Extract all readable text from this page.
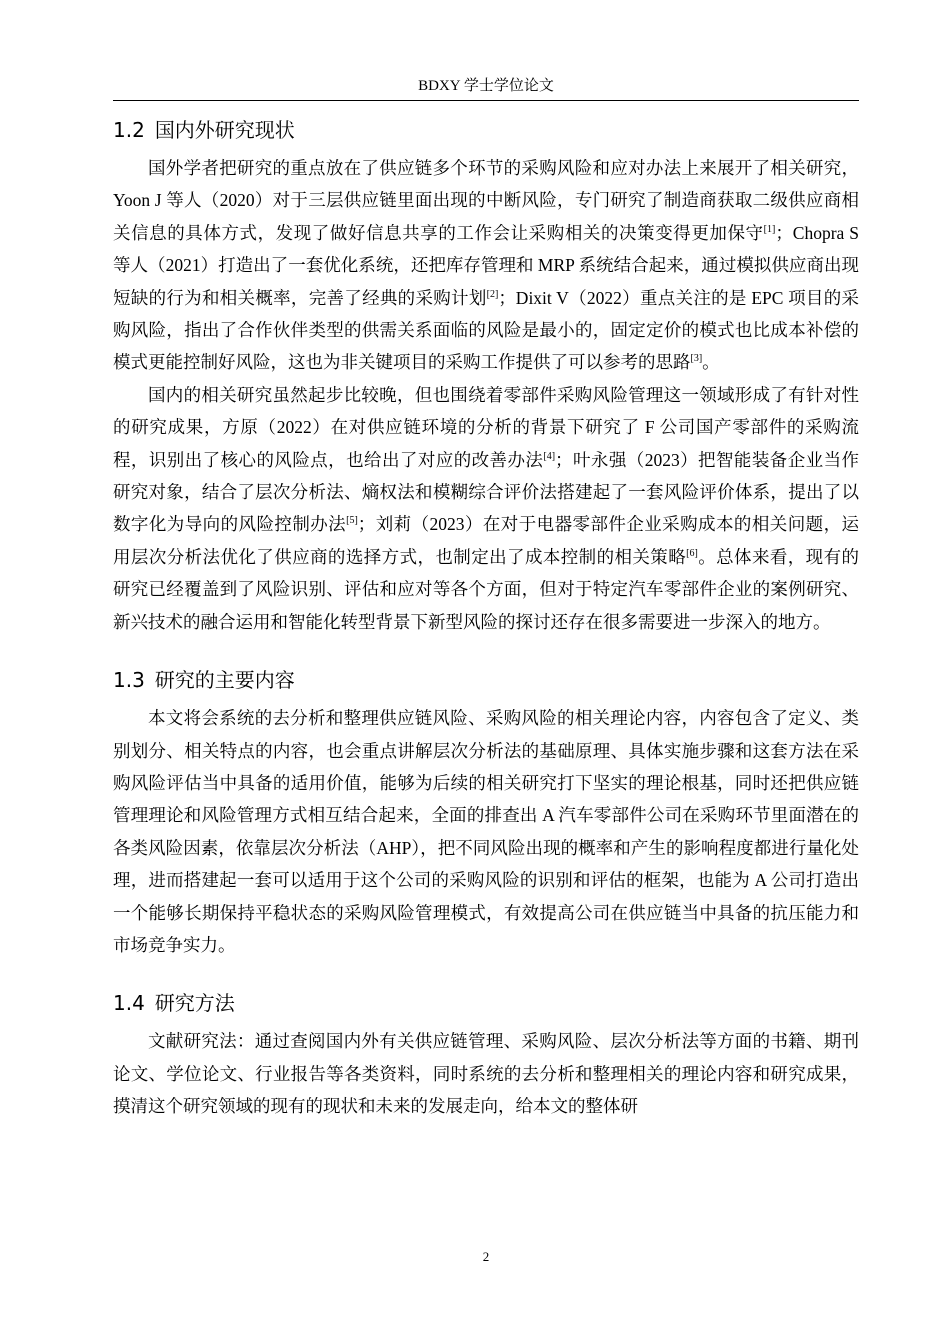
BDXY 学士学位论文
1.2 国内外研究现状

国外学者把研究的重点放在了供应链多个环节的采购风险和应对办法上来展开了相关研究，Yoon J 等人（2020）对于三层供应链里面出现的中断风险，专门研究了制造商获取二级供应商相关信息的具体方式，发现了做好信息共享的工作会让采购相关的决策变得更加保守[1]；Chopra S 等人（2021）打造出了一套优化系统，还把库存管理和 MRP 系统结合起来，通过模拟供应商出现短缺的行为和相关概率，完善了经典的采购计划[2]；Dixit V（2022）重点关注的是 EPC 项目的采购风险，指出了合作伙伴类型的供需关系面临的风险是最小的，固定定价的模式也比成本补偿的模式更能控制好风险，这也为非关键项目的采购工作提供了可以参考的思路[3]。

国内的相关研究虽然起步比较晚，但也围绕着零部件采购风险管理这一领域形成了有针对性的研究成果，方原（2022）在对供应链环境的分析的背景下研究了 F 公司国产零部件的采购流程，识别出了核心的风险点，也给出了对应的改善办法[4]；叶永强（2023）把智能装备企业当作研究对象，结合了层次分析法、熵权法和模糊综合评价法搭建起了一套风险评价体系，提出了以数字化为导向的风险控制办法[5]；刘莉（2023）在对于电器零部件企业采购成本的相关问题，运用层次分析法优化了供应商的选择方式，也制定出了成本控制的相关策略[6]。总体来看，现有的研究已经覆盖到了风险识别、评估和应对等各个方面，但对于特定汽车零部件企业的案例研究、新兴技术的融合运用和智能化转型背景下新型风险的探讨还存在很多需要进一步深入的地方。

1.3 研究的主要内容

本文将会系统的去分析和整理供应链风险、采购风险的相关理论内容，内容包含了定义、类别划分、相关特点的内容，也会重点讲解层次分析法的基础原理、具体实施步骤和这套方法在采购风险评估当中具备的适用价值，能够为后续的相关研究打下坚实的理论根基，同时还把供应链管理理论和风险管理方式相互结合起来，全面的排查出 A 汽车零部件公司在采购环节里面潜在的各类风险因素，依靠层次分析法（AHP），把不同风险出现的概率和产生的影响程度都进行量化处理，进而搭建起一套可以适用于这个公司的采购风险的识别和评估的框架，也能为 A 公司打造出一个能够长期保持平稳状态的采购风险管理模式，有效提高公司在供应链当中具备的抗压能力和市场竞争实力。

1.4 研究方法

文献研究法：通过查阅国内外有关供应链管理、采购风险、层次分析法等方面的书籍、期刊论文、学位论文、行业报告等各类资料，同时系统的去分析和整理相关的理论内容和研究成果，摸清这个研究领域的现有的现状和未来的发展走向，给本文的整体研

2
